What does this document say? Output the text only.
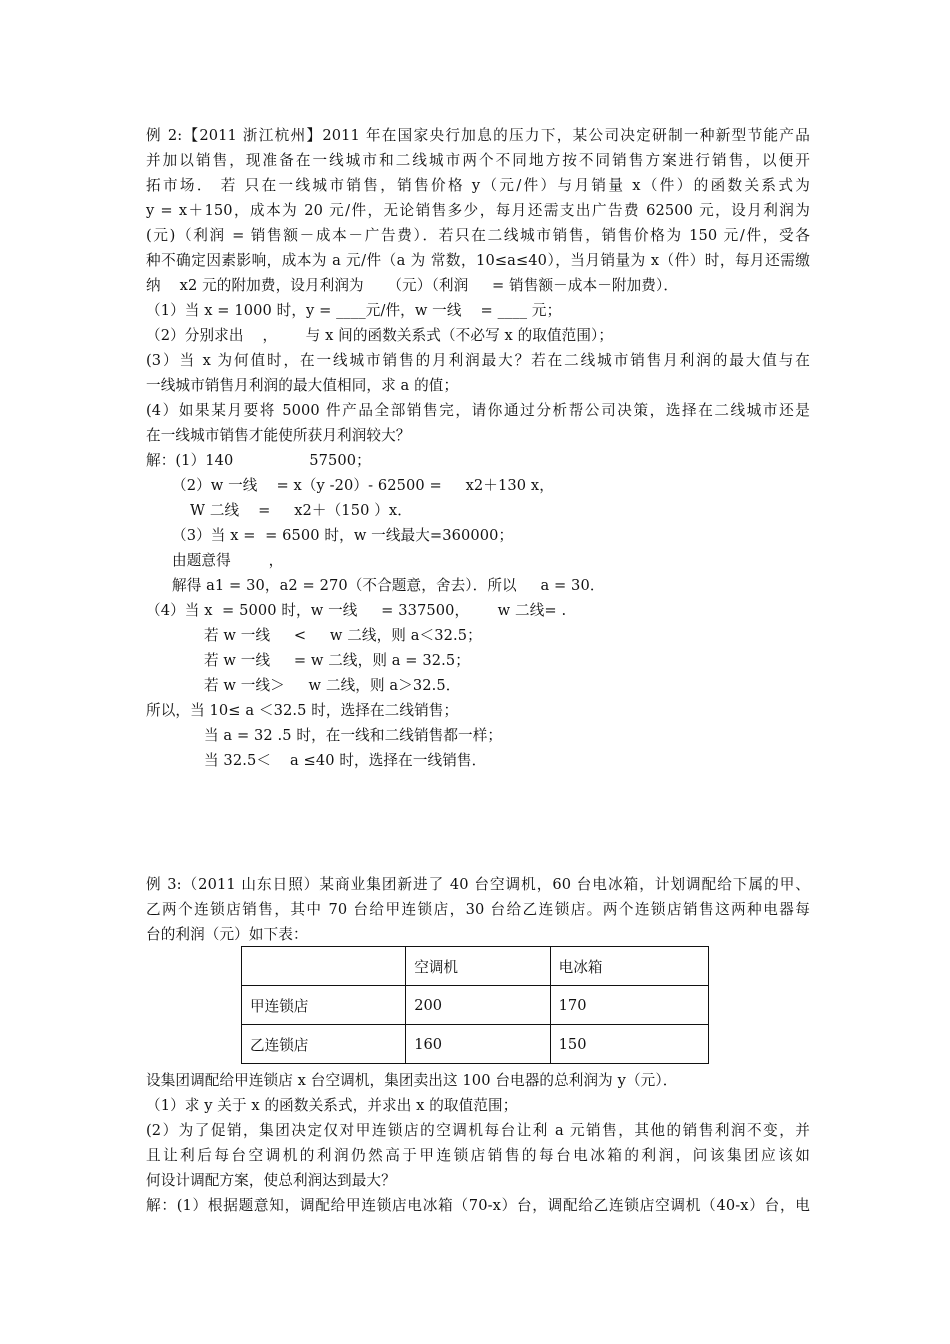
例 2:【2011 浙江杭州】2011 年在国家央行加息的压力下，某公司决定研制一种新型节能产品
并加以销售，现准备在一线城市和二线城市两个不同地方按不同销售方案进行销售，以便开
拓市场． 若 只在一线城市销售，销售价格 y（元/件）与月销量 x（件）的函数关系式为
y = x＋150，成本为 20 元/件，无论销售多少，每月还需支出广告费 62500 元，设月利润为
(元)（利润 = 销售额－成本－广告费）．若只在二线城市销售，销售价格为 150 元/件，受各
种不确定因素影响，成本为 a 元/件（a 为 常数，10≤a≤40），当月销量为 x（件）时，每月还需缴
纳    x2 元的附加费，设月利润为     （元）（利润     = 销售额－成本－附加费）．
（1）当 x = 1000 时，y = ____元/件，w 一线    = ____ 元；
（2）分别求出    ，      与 x 间的函数关系式（不必写 x 的取值范围）；
(3）当 x 为何值时，在一线城市销售的月利润最大？若在二线城市销售月利润的最大值与在
一线城市销售月利润的最大值相同，求 a 的值；
(4）如果某月要将 5000 件产品全部销售完，请你通过分析帮公司决策，选择在二线城市还是
在一线城市销售才能使所获月利润较大？
解：(1）140                57500；
（2）w 一线    = x（y -20）- 62500 =     x2＋130 x，
W 二线    =     x2＋（150 ）x．
（3）当 x =  = 6500 时，w 一线最大=360000；
由题意得        ，
解得 a1 = 30，a2 = 270（不合题意，舍去）．所以     a = 30．
（4）当 x  = 5000 时，w 一线     = 337500，      w 二线= .
若 w 一线     <     w 二线，则 a＜32.5；
若 w 一线     = w 二线，则 a = 32.5；
若 w 一线＞     w 二线，则 a＞32.5．
所以，当 10≤ a ＜32.5 时，选择在二线销售；
当 a = 32 .5 时，在一线和二线销售都一样；
当 32.5＜    a ≤40 时，选择在一线销售．
例 3:（2011 山东日照）某商业集团新进了 40 台空调机，60 台电冰箱，计划调配给下属的甲、
乙两个连锁店销售，其中 70 台给甲连锁店，30 台给乙连锁店。两个连锁店销售这两种电器每
台的利润（元）如下表：
	空调机	电冰箱
甲连锁店	200	170
乙连锁店	160	150
设集团调配给甲连锁店 x 台空调机，集团卖出这 100 台电器的总利润为 y（元）．
（1）求 y 关于 x 的函数关系式，并求出 x 的取值范围；
(2）为了促销，集团决定仅对甲连锁店的空调机每台让利 a 元销售，其他的销售利润不变，并
且让利后每台空调机的利润仍然高于甲连锁店销售的每台电冰箱的利润，问该集团应该如
何设计调配方案，使总利润达到最大？
解：(1）根据题意知，调配给甲连锁店电冰箱（70-x）台，调配给乙连锁店空调机（40-x）台，电
